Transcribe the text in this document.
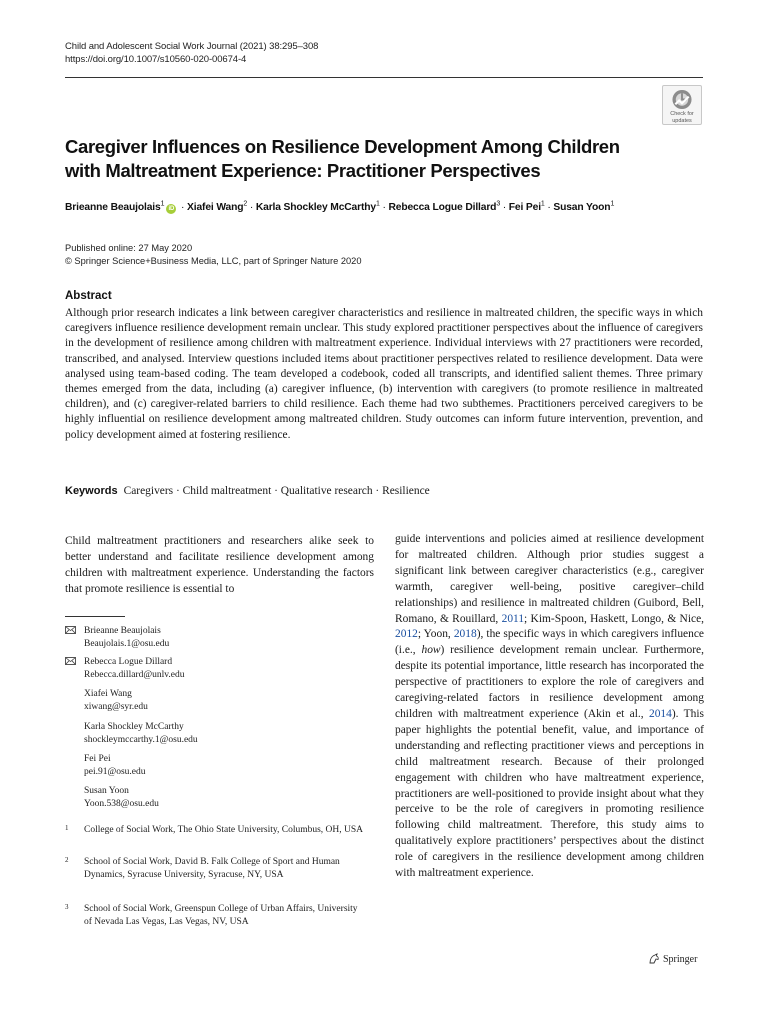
Child and Adolescent Social Work Journal (2021) 38:295–308
https://doi.org/10.1007/s10560-020-00674-4
Check for
updates
Caregiver Influences on Resilience Development Among Children
with Maltreatment Experience: Practitioner Perspectives
Brieanne Beaujolais$^1$iD · Xiafei Wang$^2$ · Karla Shockley McCarthy$^1$ · Rebecca Logue Dillard$^3$ · Fei Pei$^1$ · Susan Yoon$^1$
Published online: 27 May 2020
© Springer Science+Business Media, LLC, part of Springer Nature 2020
Abstract
Although prior research indicates a link between caregiver characteristics and resilience in maltreated children, the specific ways in which caregivers influence resilience development remain unclear. This study explored practitioner perspectives about the influence of caregivers in the development of resilience among children with maltreatment experience. Individual interviews with 27 practitioners were recorded, transcribed, and analysed. Interview questions included items about practitioner perspectives related to resilience development. Data were analysed using team-based coding. The team developed a codebook, coded all transcripts, and identified salient themes. Three primary themes emerged from the data, including (a) caregiver influence, (b) intervention with caregivers (to promote resilience in maltreated children), and (c) caregiver-related barriers to child resilience. Each theme had two subthemes. Practitioners perceived caregivers to be highly influential on resilience development among maltreated children. Study outcomes can inform future intervention, prevention, and policy development aimed at fostering resilience.
Keywords Caregivers · Child maltreatment · Qualitative research · Resilience
Child maltreatment practitioners and researchers alike seek to better understand and facilitate resilience development among children with maltreatment experience. Understanding the factors that promote resilience is essential to
Brieanne Beaujolais
Beaujolais.1@osu.edu
Rebecca Logue Dillard
Rebecca.dillard@unlv.edu
Xiafei Wang
xiwang@syr.edu
Karla Shockley McCarthy
shockleymccarthy.1@osu.edu
Fei Pei
pei.91@osu.edu
Susan Yoon
Yoon.538@osu.edu
1 College of Social Work, The Ohio State University, Columbus, OH, USA
2 School of Social Work, David B. Falk College of Sport and Human Dynamics, Syracuse University, Syracuse, NY, USA
3 School of Social Work, Greenspun College of Urban Affairs, University of Nevada Las Vegas, Las Vegas, NV, USA
guide interventions and policies aimed at resilience development for maltreated children. Although prior studies suggest a significant link between caregiver characteristics (e.g., caregiver warmth, caregiver well-being, positive caregiver–child relationships) and resilience in maltreated children (Guibord, Bell, Romano, & Rouillard, 2011; Kim-Spoon, Haskett, Longo, & Nice, 2012; Yoon, 2018), the specific ways in which caregivers influence (i.e., how) resilience development remain unclear. Furthermore, despite its potential importance, little research has incorporated the perspective of practitioners to explore the role of caregivers and caregiving-related factors in resilience development among children with maltreatment experience (Akin et al., 2014). This paper highlights the potential benefit, value, and importance of understanding and reflecting practitioner views and perceptions in child maltreatment research. Because of their prolonged engagement with children who have maltreatment experience, practitioners are well-positioned to provide insight about what they perceive to be the role of caregivers in promoting resilience following child maltreatment. Therefore, this study aims to qualitatively explore practitioners’ perspectives about the distinct role of caregivers in the resilience development among children with maltreatment experience.
Springer
